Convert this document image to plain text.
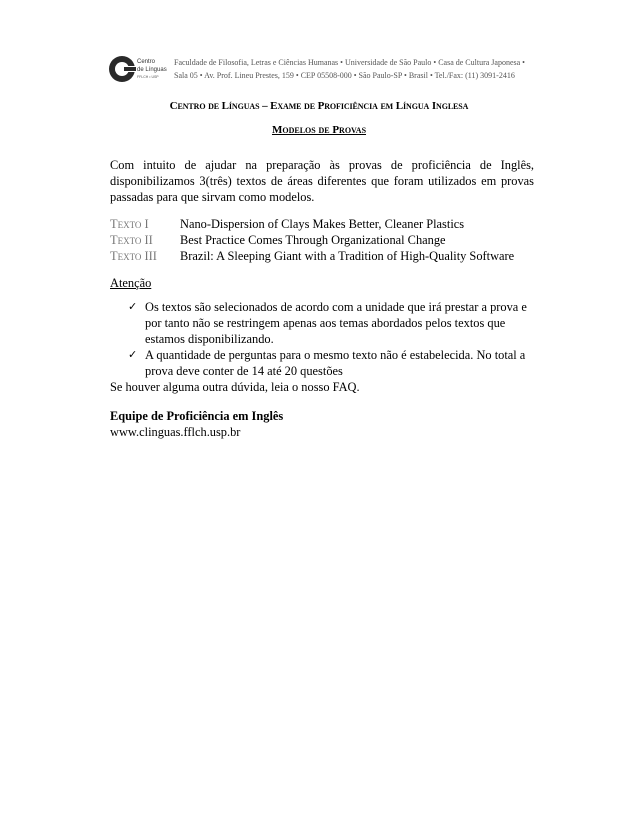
Centro
de Línguas
FFLCH • USP
Faculdade de Filosofia, Letras e Ciências Humanas • Universidade de São Paulo • Casa de Cultura Japonesa •
Sala 05 • Av. Prof. Lineu Prestes, 159 • CEP 05508-000 • São Paulo-SP • Brasil • Tel./Fax: (11) 3091-2416
Centro de Línguas – Exame de Proficiência em Língua Inglesa
Modelos de Provas
Com intuito de ajudar na preparação às provas de proficiência de Inglês, disponibilizamos 3(três) textos de áreas diferentes que foram utilizados em provas passadas para que sirvam como modelos.
Texto I	Nano-Dispersion of Clays Makes Better, Cleaner Plastics
Texto II	Best Practice Comes Through Organizational Change
Texto III	Brazil: A Sleeping Giant with a Tradition of High-Quality Software
Atenção
✓ Os textos são selecionados de acordo com a unidade que irá prestar a prova e por tanto não se restringem apenas aos temas abordados pelos textos que estamos disponibilizando.
✓ A quantidade de perguntas para o mesmo texto não é estabelecida. No total a prova deve conter de 14 até 20 questões
Se houver alguma outra dúvida, leia o nosso FAQ.
Equipe de Proficiência em Inglês
www.clinguas.fflch.usp.br
